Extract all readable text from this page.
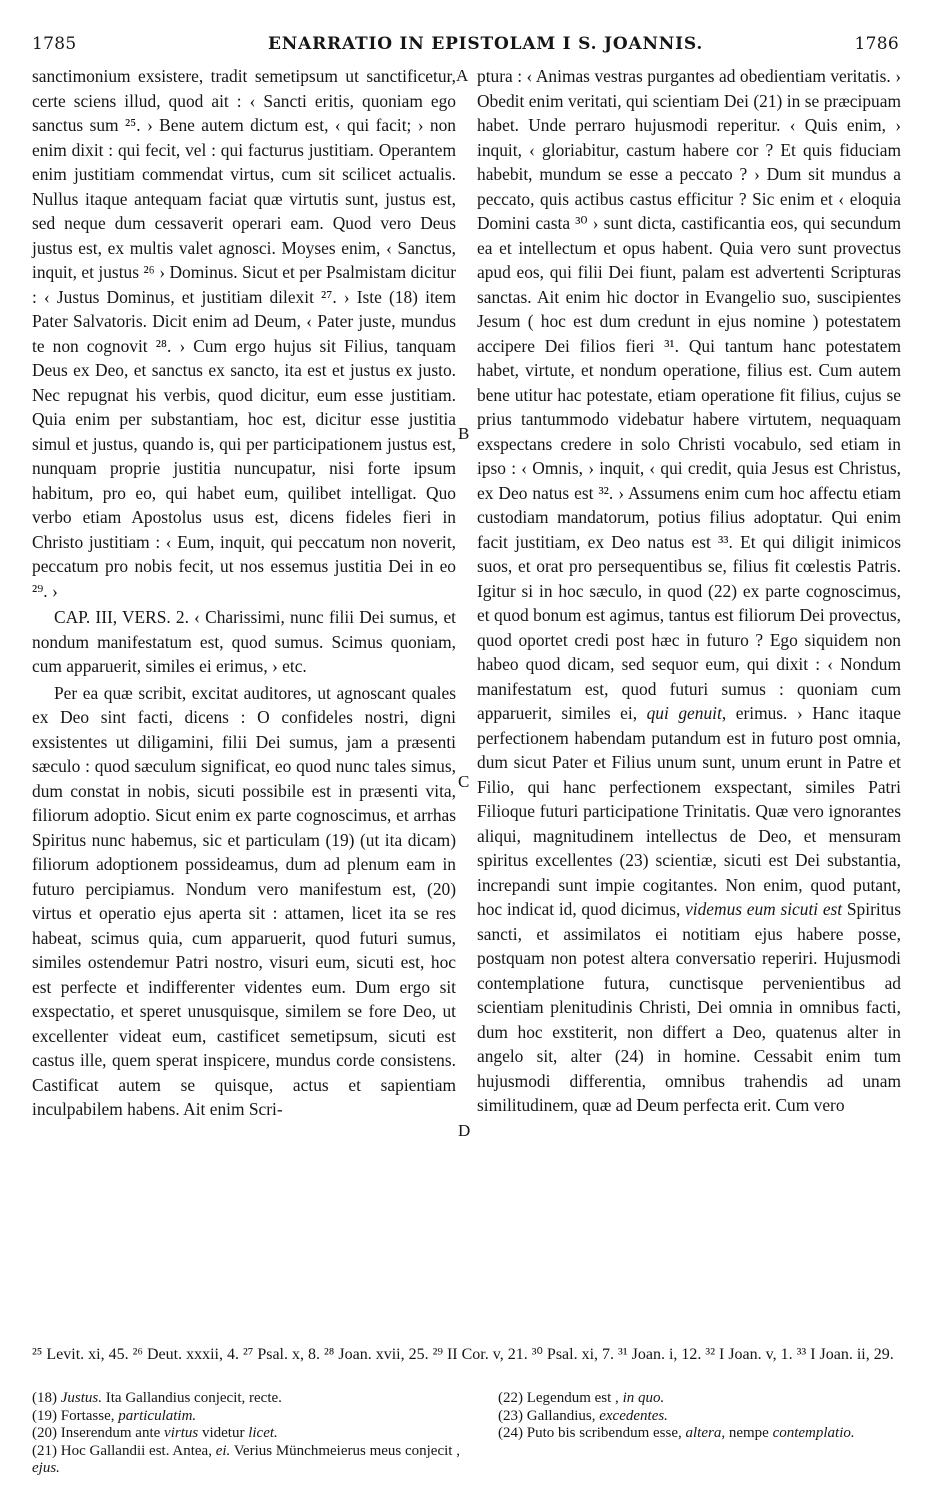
1785	ENARRATIO IN EPISTOLAM I S. JOANNIS.	1786

sanctimonium exsistere, tradit semetipsum ut sanctificetur, certe sciens illud, quod ait : ‹ Sancti eritis, quoniam ego sanctus sum ²⁵. › Bene autem dictum est, ‹ qui facit; › non enim dixit : qui fecit, vel : qui facturus justitiam. Operantem enim justitiam commendat virtus, cum sit scilicet actualis. Nullus itaque antequam faciat quæ virtutis sunt, justus est, sed neque dum cessaverit operari eam. Quod vero Deus justus est, ex multis valet agnosci. Moyses enim, ‹ Sanctus, inquit, et justus ²⁶ › Dominus. Sicut et per Psalmistam dicitur : ‹ Justus Dominus, et justitiam dilexit ²⁷. › Iste (18) item Pater Salvatoris. Dicit enim ad Deum, ‹ Pater juste, mundus te non cognovit ²⁸. › Cum ergo hujus sit Filius, tanquam Deus ex Deo, et sanctus ex sancto, ita est et justus ex justo. Nec repugnat his verbis, quod dicitur, eum esse justitiam. Quia enim per substantiam, hoc est, dicitur esse justitia simul et justus, quando is, qui per participationem justus est, nunquam proprie justitia nuncupatur, nisi forte ipsum habitum, pro eo, qui habet eum, quilibet intelligat. Quo verbo etiam Apostolus usus est, dicens fideles fieri in Christo justitiam : ‹ Eum, inquit, qui peccatum non noverit, peccatum pro nobis fecit, ut nos essemus justitia Dei in eo ²⁹. ›

CAP. III, VERS. 2. ‹ Charissimi, nunc filii Dei sumus, et nondum manifestatum est, quod sumus. Scimus quoniam, cum apparuerit, similes ei erimus, › etc.

Per ea quæ scribit, excitat auditores, ut agnoscant quales ex Deo sint facti, dicens : O confideles nostri, digni exsistentes ut diligamini, filii Dei sumus, jam a præsenti sæculo : quod sæculum significat, eo quod nunc tales simus, dum constat in nobis, sicuti possibile est in præsenti vita, filiorum adoptio. Sicut enim ex parte cognoscimus, et arrhas Spiritus nunc habemus, sic et particulam (19) (ut ita dicam) filiorum adoptionem possideamus, dum ad plenum eam in futuro percipiamus. Nondum vero manifestum est, (20) virtus et operatio ejus aperta sit : attamen, licet ita se res habeat, scimus quia, cum apparuerit, quod futuri sumus, similes ostendemur Patri nostro, visuri eum, sicuti est, hoc est perfecte et indifferenter videntes eum. Dum ergo sit exspectatio, et speret unusquisque, similem se fore Deo, ut excellenter videat eum, castificet semetipsum, sicuti est castus ille, quem sperat inspicere, mundus corde consistens. Castificat autem se quisque, actus et sapientiam inculpabilem habens. Ait enim Scri-

A
B
C
D

ptura : ‹ Animas vestras purgantes ad obedientiam veritatis. › Obedit enim veritati, qui scientiam Dei (21) in se præcipuam habet. Unde perraro hujusmodi reperitur. ‹ Quis enim, › inquit, ‹ gloriabitur, castum habere cor ? Et quis fiduciam habebit, mundum se esse a peccato ? › Dum sit mundus a peccato, quis actibus castus efficitur ? Sic enim et ‹ eloquia Domini casta ³⁰ › sunt dicta, castificantia eos, qui secundum ea et intellectum et opus habent. Quia vero sunt provectus apud eos, qui filii Dei fiunt, palam est advertenti Scripturas sanctas. Ait enim hic doctor in Evangelio suo, suscipientes Jesum ( hoc est dum credunt in ejus nomine ) potestatem accipere Dei filios fieri ³¹. Qui tantum hanc potestatem habet, virtute, et nondum operatione, filius est. Cum autem bene utitur hac potestate, etiam operatione fit filius, cujus se prius tantummodo videbatur habere virtutem, nequaquam exspectans credere in solo Christi vocabulo, sed etiam in ipso : ‹ Omnis, › inquit, ‹ qui credit, quia Jesus est Christus, ex Deo natus est ³². › Assumens enim cum hoc affectu etiam custodiam mandatorum, potius filius adoptatur. Qui enim facit justitiam, ex Deo natus est ³³. Et qui diligit inimicos suos, et orat pro persequentibus se, filius fit cœlestis Patris. Igitur si in hoc sæculo, in quod (22) ex parte cognoscimus, et quod bonum est agimus, tantus est filiorum Dei provectus, quod oportet credi post hæc in futuro ? Ego siquidem non habeo quod dicam, sed sequor eum, qui dixit : ‹ Nondum manifestatum est, quod futuri sumus : quoniam cum apparuerit, similes ei, qui genuit, erimus. › Hanc itaque perfectionem habendam putandum est in futuro post omnia, dum sicut Pater et Filius unum sunt, unum erunt in Patre et Filio, qui hanc perfectionem exspectant, similes Patri Filioque futuri participatione Trinitatis. Quæ vero ignorantes aliqui, magnitudinem intellectus de Deo, et mensuram spiritus excellentes (23) scientiæ, sicuti est Dei substantia, increpandi sunt impie cogitantes. Non enim, quod putant, hoc indicat id, quod dicimus, videmus eum sicuti est Spiritus sancti, et assimilatos ei notitiam ejus habere posse, postquam non potest altera conversatio reperiri. Hujusmodi contemplatione futura, cunctisque pervenientibus ad scientiam plenitudinis Christi, Dei omnia in omnibus facti, dum hoc exstiterit, non differt a Deo, quatenus alter in angelo sit, alter (24) in homine. Cessabit enim tum hujusmodi differentia, omnibus trahendis ad unam similitudinem, quæ ad Deum perfecta erit. Cum vero

²⁵ Levit. xi, 45. ²⁶ Deut. xxxii, 4. ²⁷ Psal. x, 8. ²⁸ Joan. xvii, 25. ²⁹ II Cor. v, 21. ³⁰ Psal. xi, 7. ³¹ Joan. i, 12. ³² I Joan. v, 1. ³³ I Joan. ii, 29.

(18) Justus. Ita Gallandius conjecit, recte.

(19) Fortasse, particulatim.

(20) Inserendum ante virtus videtur licet.

(21) Hoc Gallandii est. Antea, ei. Verius Münchmeierus meus conjecit , ejus.

(22) Legendum est , in quo.

(23) Gallandius, excedentes.

(24) Puto bis scribendum esse, altera, nempe contemplatio.
